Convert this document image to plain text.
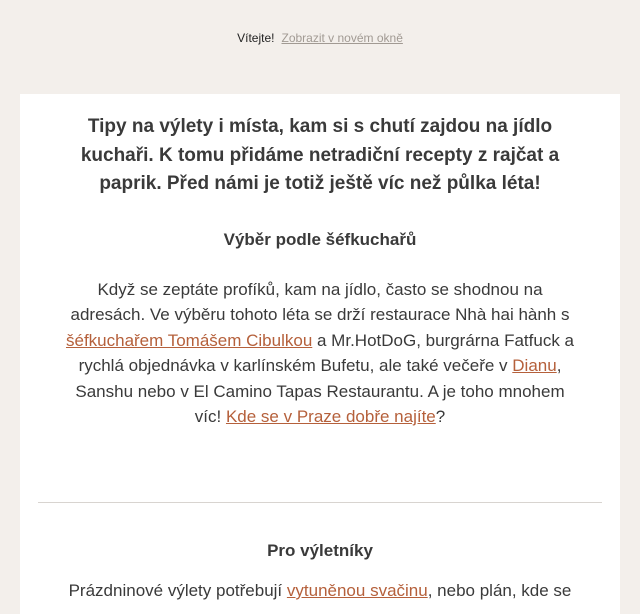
Vítejte! Zobrazit v novém okně
Tipy na výlety i místa, kam si s chutí zajdou na jídlo kuchaři. K tomu přidáme netradiční recepty z rajčat a paprik. Před námi je totiž ještě víc než půlka léta!
Výběr podle šéfkuchařů
Když se zeptáte profíků, kam na jídlo, často se shodnou na adresách. Ve výběru tohoto léta se drží restaurace Nhà hai hành s šéfkuchařem Tomášem Cibulkou a Mr.HotDoG, burgrárna Fatfuck a rychlá objednávka v karlínském Bufetu, ale také večeře v Dianu, Sanshu nebo v El Camino Tapas Restaurantu. A je toho mnohem víc! Kde se v Praze dobře najíte?
Pro výletníky
Prázdninové výlety potřebují vytuněnou svačinu, nebo plán, kde se
